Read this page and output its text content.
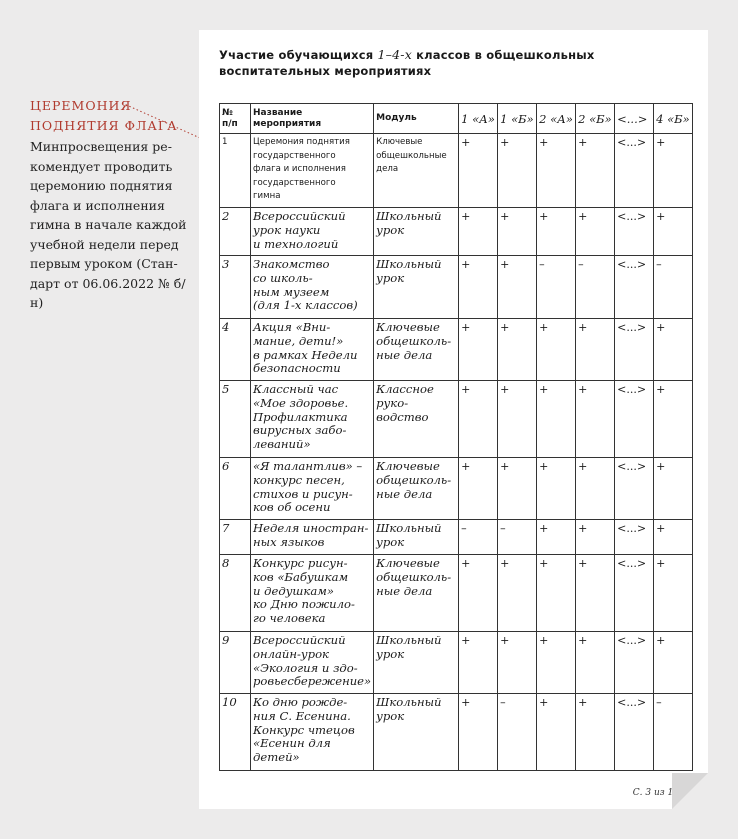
ЦЕРЕМОНИЯ
ПОДНЯТИЯ ФЛАГА
Минпросвещения ре-
комендует проводить
церемонию поднятия
флага и исполнения
гимна в начале каждой
учебной недели перед
первым уроком (Стан-
дарт от 06.06.2022 № б/н)
Участие обучающихся 1–4-х классов в общешкольных воспитательных мероприятиях
№
п/п	Название
мероприятия	Модуль	1 «А»	1 «Б»	2 «А»	2 «Б»	<...>	4 «Б»
1	Церемония поднятия
государственного
флага и исполнения
государственного
гимна	Ключевые
общешкольные
дела	+	+	+	+	<...>	+
2	Всероссийский
урок науки
и технологий	Школьный
урок	+	+	+	+	<...>	+
3	Знакомство
со школь-
ным музеем
(для 1-х классов)	Школьный
урок	+	+	–	–	<...>	–
4	Акция «Вни-
мание, дети!»
в рамках Недели
безопасности	Ключевые
общешколь-
ные дела	+	+	+	+	<...>	+
5	Классный час
«Мое здоровье.
Профилактика
вирусных забо-
леваний»	Классное
руко-
водство	+	+	+	+	<...>	+
6	«Я талантлив» –
конкурс песен,
стихов и рисун-
ков об осени	Ключевые
общешколь-
ные дела	+	+	+	+	<...>	+
7	Неделя иностран-
ных языков	Школьный
урок	–	–	+	+	<...>	+
8	Конкурс рисун-
ков «Бабушкам
и дедушкам»
ко Дню пожило-
го человека	Ключевые
общешколь-
ные дела	+	+	+	+	<...>	+
9	Всероссийский
онлайн-урок
«Экология и здо-
ровьесбережение»	Школьный
урок	+	+	+	+	<...>	+
10	Ко дню рожде-
ния С. Есенина.
Конкурс чтецов
«Есенин для
детей»	Школьный
урок	+	–	+	+	<...>	–
С. 3 из 13
